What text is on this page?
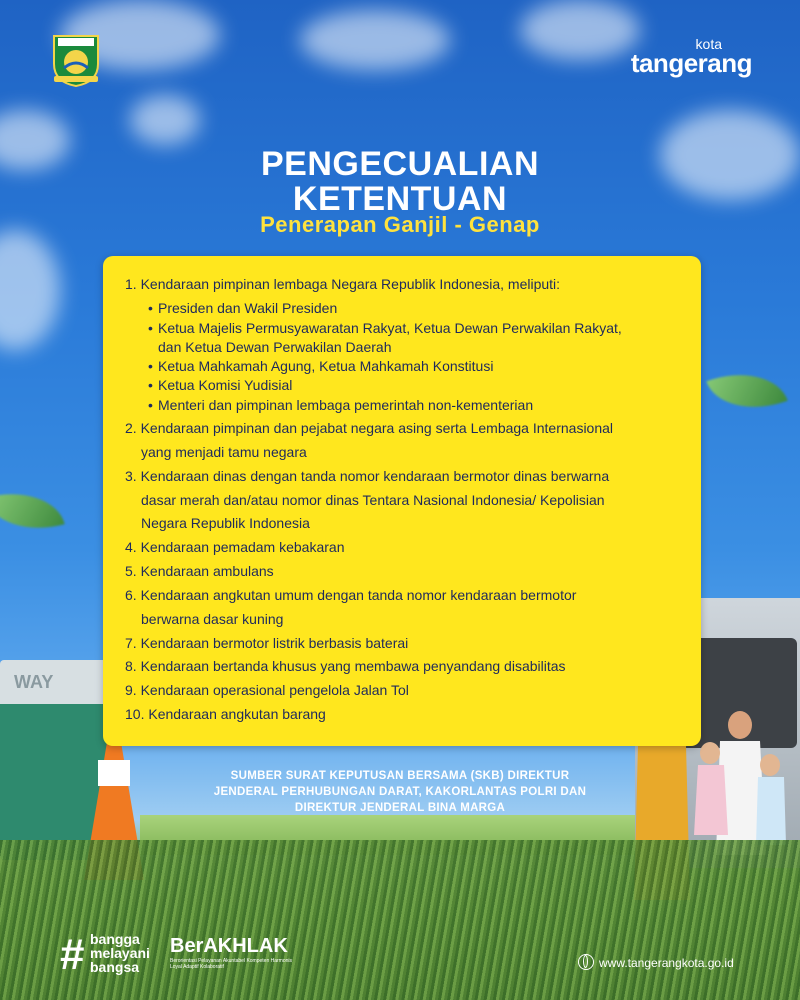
kota
tangerang
PENGECUALIAN
KETENTUAN
Penerapan Ganjil - Genap
WAY
1. Kendaraan pimpinan lembaga Negara Republik Indonesia, meliputi:
• Presiden dan Wakil Presiden
• Ketua Majelis Permusyawaratan Rakyat, Ketua Dewan Perwakilan Rakyat,
dan Ketua Dewan Perwakilan Daerah
• Ketua Mahkamah Agung, Ketua Mahkamah Konstitusi
• Ketua Komisi Yudisial
• Menteri dan pimpinan lembaga pemerintah non-kementerian
2. Kendaraan pimpinan dan pejabat negara asing serta Lembaga Internasional
yang menjadi tamu negara
3. Kendaraan dinas dengan tanda nomor kendaraan bermotor dinas berwarna
dasar merah dan/atau nomor dinas Tentara Nasional Indonesia/ Kepolisian
Negara Republik Indonesia
4. Kendaraan pemadam kebakaran
5. Kendaraan ambulans
6. Kendaraan angkutan umum dengan tanda nomor kendaraan bermotor
berwarna dasar kuning
7. Kendaraan bermotor listrik berbasis baterai
8. Kendaraan bertanda khusus yang membawa penyandang disabilitas
9. Kendaraan operasional pengelola Jalan Tol
10. Kendaraan angkutan barang
SUMBER SURAT KEPUTUSAN BERSAMA (SKB) DIREKTUR
JENDERAL PERHUBUNGAN DARAT, KAKORLANTAS POLRI DAN
DIREKTUR JENDERAL BINA MARGA
# bangga
melayani
bangsa
BerAKHLAK
Berorientasi Pelayanan Akuntabel Kompeten Harmonis Loyal Adaptif Kolaboratif	www.tangerangkota.go.id
